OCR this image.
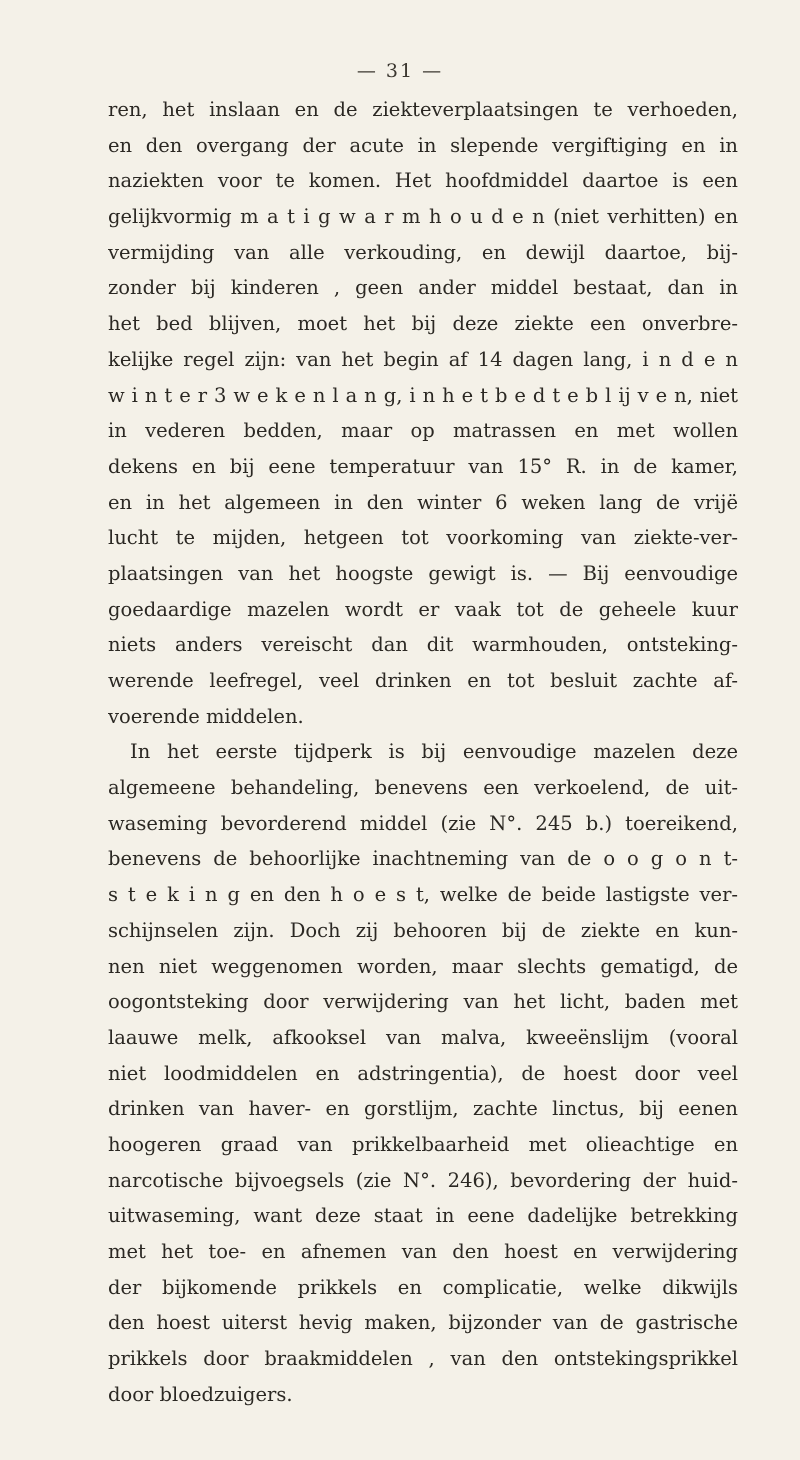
— 31 —
ren, het inslaan en de ziekteverplaatsingen te verhoeden,
en den overgang der acute in slepende vergiftiging en in
naziekten voor te komen. Het hoofdmiddel daartoe is een
gelijkvormig m a t i g w a r m h o u d e n (niet verhitten) en
vermijding van alle verkouding, en dewijl daartoe, bij-
zonder bij kinderen , geen ander middel bestaat, dan in
het bed blijven, moet het bij deze ziekte een onverbre-
kelijke regel zijn: van het begin af 14 dagen lang, i n d e n
w i n t e r 3 w e k e n l a n g, i n h e t b e d t e b l ij v e n, niet
in vederen bedden, maar op matrassen en met wollen
dekens en bij eene temperatuur van 15° R. in de kamer,
en in het algemeen in den winter 6 weken lang de vrijë
lucht te mijden, hetgeen tot voorkoming van ziekte-ver-
plaatsingen van het hoogste gewigt is. — Bij eenvoudige
goedaardige mazelen wordt er vaak tot de geheele kuur
niets anders vereischt dan dit warmhouden, ontsteking-
werende leefregel, veel drinken en tot besluit zachte af-
voerende middelen.
In het eerste tijdperk is bij eenvoudige mazelen deze
algemeene behandeling, benevens een verkoelend, de uit-
waseming bevorderend middel (zie N°. 245 b.) toereikend,
benevens de behoorlijke inachtneming van de o o g o n t-
s t e k i n g en den h o e s t, welke de beide lastigste ver-
schijnselen zijn. Doch zij behooren bij de ziekte en kun-
nen niet weggenomen worden, maar slechts gematigd, de
oogontsteking door verwijdering van het licht, baden met
laauwe melk, afkooksel van malva, kweeënslijm (vooral
niet loodmiddelen en adstringentia), de hoest door veel
drinken van haver- en gorstlijm, zachte linctus, bij eenen
hoogeren graad van prikkelbaarheid met olieachtige en
narcotische bijvoegsels (zie N°. 246), bevordering der huid-
uitwaseming, want deze staat in eene dadelijke betrekking
met het toe- en afnemen van den hoest en verwijdering
der bijkomende prikkels en complicatie, welke dikwijls
den hoest uiterst hevig maken, bijzonder van de gastrische
prikkels door braakmiddelen , van den ontstekingsprikkel
door bloedzuigers.
